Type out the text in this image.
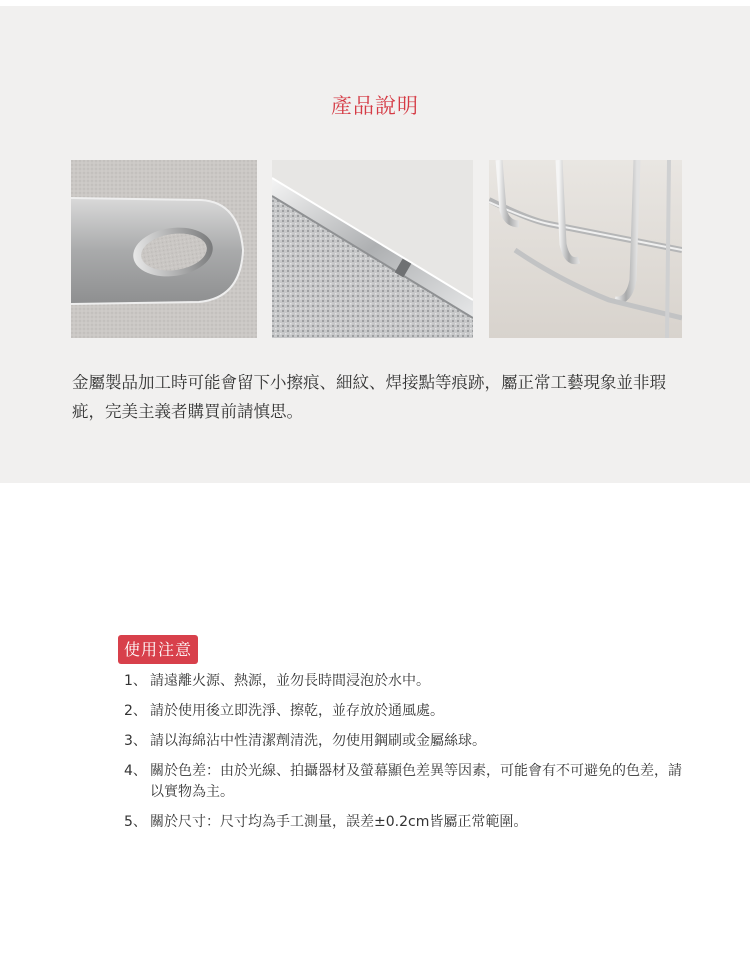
產品說明
金屬製品加工時可能會留下小擦痕、細紋、焊接點等痕跡，屬正常工藝現象並非瑕疵，完美主義者購買前請慎思。
使用注意
1、 請遠離火源、熱源，並勿長時間浸泡於水中。
2、 請於使用後立即洗淨、擦乾，並存放於通風處。
3、 請以海綿沾中性清潔劑清洗，勿使用鋼刷或金屬絲球。
4、 關於色差：由於光線、拍攝器材及螢幕顯色差異等因素，可能會有不可避免的色差，請以實物為主。
5、 關於尺寸：尺寸均為手工測量，誤差±0.2cm皆屬正常範圍。
